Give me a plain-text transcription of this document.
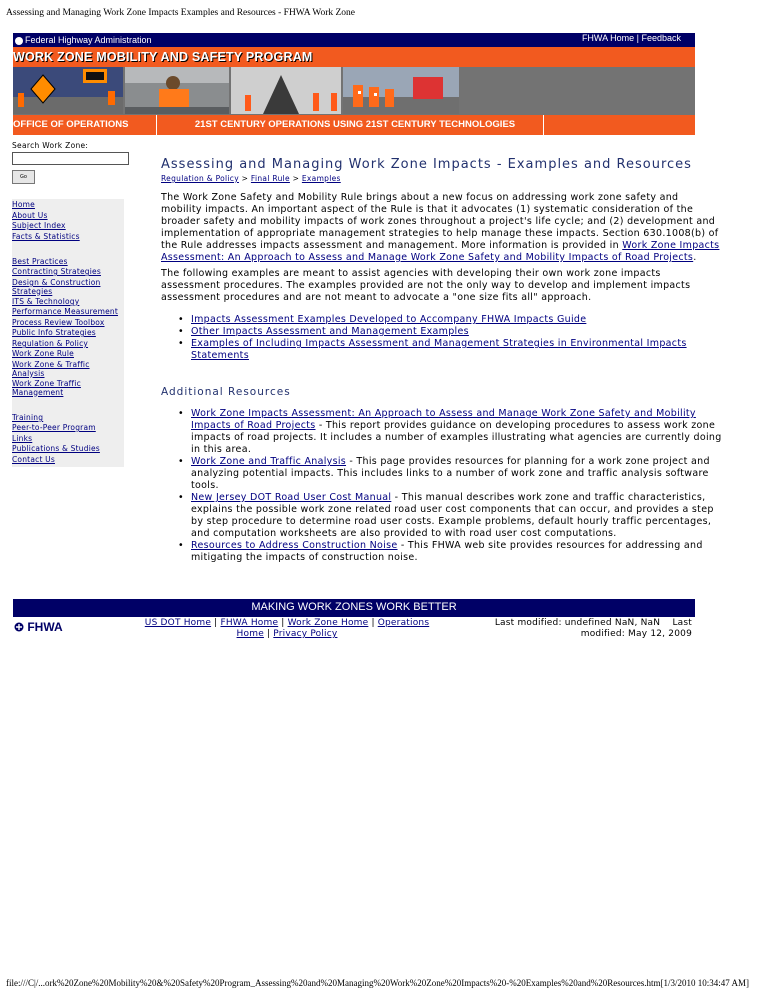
Assessing and Managing Work Zone Impacts Examples and Resources - FHWA Work Zone
Federal Highway Administration	FHWA Home | Feedback
WORK ZONE MOBILITY AND SAFETY PROGRAM
OFFICE OF OPERATIONS	21ST CENTURY OPERATIONS USING 21ST CENTURY TECHNOLOGIES
Search Work Zone:
Go
Home
About Us
Subject Index
Facts & Statistics
Best Practices
Contracting Strategies
Design & Construction Strategies
ITS & Technology
Performance Measurement
Process Review Toolbox
Public Info Strategies
Regulation & Policy
Work Zone Rule
Work Zone & Traffic Analysis
Work Zone Traffic Management
Training
Peer-to-Peer Program
Links
Publications & Studies
Contact Us
Assessing and Managing Work Zone Impacts - Examples and Resources
Regulation & Policy > Final Rule > Examples
The Work Zone Safety and Mobility Rule brings about a new focus on addressing work zone safety and mobility impacts. An important aspect of the Rule is that it advocates (1) systematic consideration of the broader safety and mobility impacts of work zones throughout a project's life cycle; and (2) development and implementation of appropriate management strategies to help manage these impacts. Section 630.1008(b) of the Rule addresses impacts assessment and management. More information is provided in Work Zone Impacts Assessment: An Approach to Assess and Manage Work Zone Safety and Mobility Impacts of Road Projects.
The following examples are meant to assist agencies with developing their own work zone impacts assessment procedures. The examples provided are not the only way to develop and implement impacts assessment procedures and are not meant to advocate a "one size fits all" approach.
• Impacts Assessment Examples Developed to Accompany FHWA Impacts Guide
• Other Impacts Assessment and Management Examples
• Examples of Including Impacts Assessment and Management Strategies in Environmental Impacts Statements
Additional Resources
• Work Zone Impacts Assessment: An Approach to Assess and Manage Work Zone Safety and Mobility Impacts of Road Projects - This report provides guidance on developing procedures to assess work zone impacts of road projects. It includes a number of examples illustrating what agencies are currently doing in this area.
• Work Zone and Traffic Analysis - This page provides resources for planning for a work zone project and analyzing potential impacts. This includes links to a number of work zone and traffic analysis software tools.
• New Jersey DOT Road User Cost Manual - This manual describes work zone and traffic characteristics, explains the possible work zone related road user cost components that can occur, and provides a step by step procedure to determine road user costs. Example problems, default hourly traffic percentages, and computation worksheets are also provided to with road user cost computations.
• Resources to Address Construction Noise - This FHWA web site provides resources for addressing and mitigating the impacts of construction noise.
MAKING WORK ZONES WORK BETTER
FHWA	US DOT Home | FHWA Home | Work Zone Home | Operations Home | Privacy Policy
Last modified: undefined NaN, NaN Last modified: May 12, 2009
file:///C|/...ork%20Zone%20Mobility%20&%20Safety%20Program_Assessing%20and%20Managing%20Work%20Zone%20Impacts%20-%20Examples%20and%20Resources.htm[1/3/2010 10:34:47 AM]
